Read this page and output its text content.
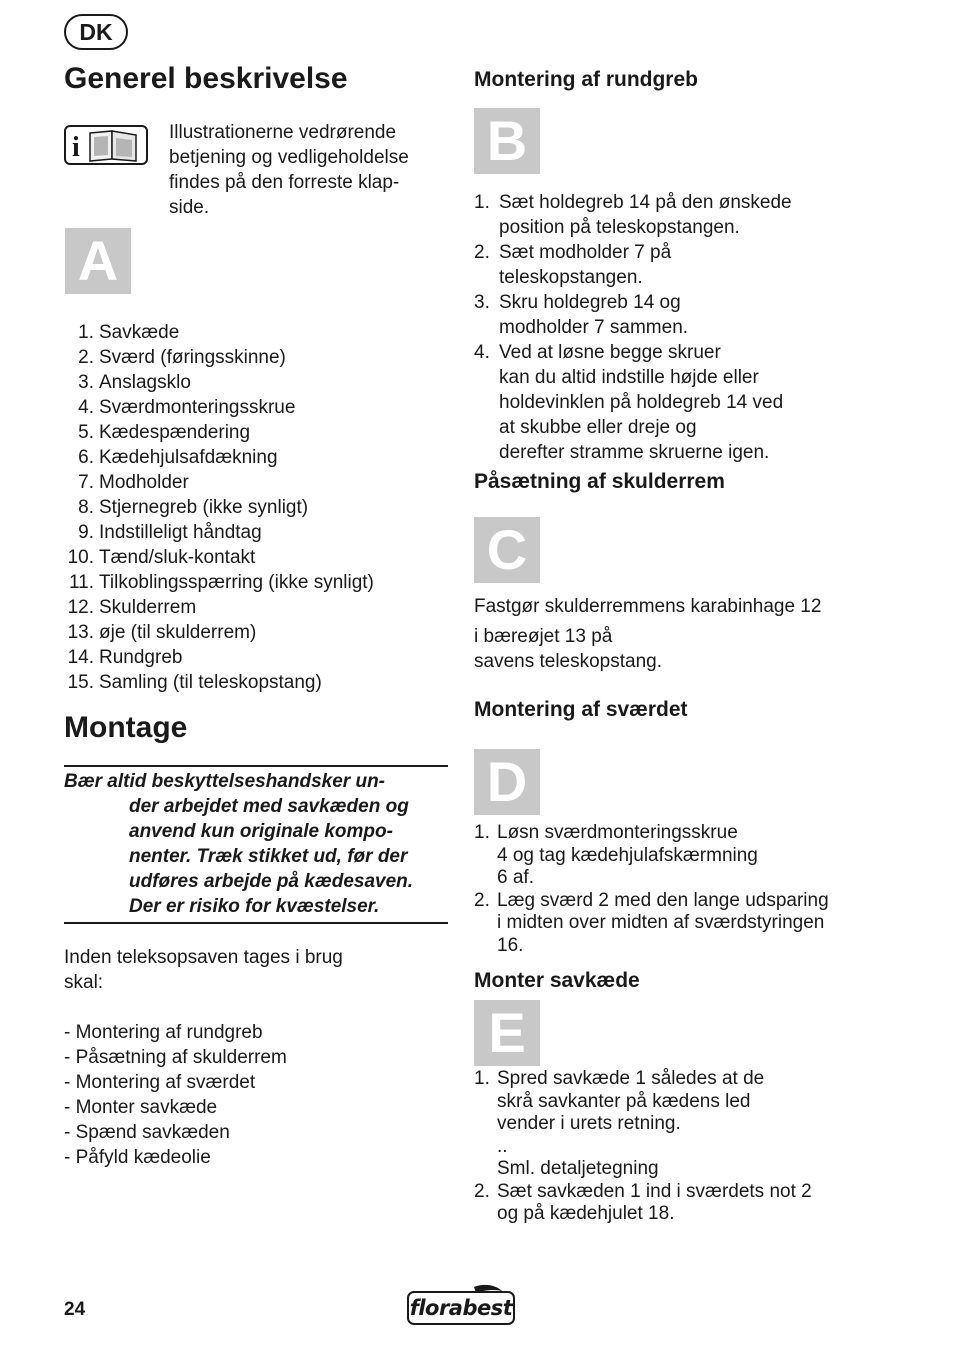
DK
Generel beskrivelse
i	Illustrationerne vedrørende
betjening og vedligeholdelse
findes på den forreste klap-
side.
A
1. Savkæde
2. Sværd (føringsskinne)
3. Anslagsklo
4. Sværdmonteringsskrue
5. Kædespændering
6. Kædehjulsafdækning
7. Modholder
8. Stjernegreb (ikke synligt)
9. Indstilleligt håndtag
10. Tænd/sluk-kontakt
11. Tilkoblingsspærring (ikke synligt)
12. Skulderrem
13. øje (til skulderrem)
14. Rundgreb
15. Samling (til teleskopstang)
Montage
Bær altid beskyttelseshandsker un-
der arbejdet med savkæden og
anvend kun originale kompo-
nenter. Træk stikket ud, før der
udføres arbejde på kædesaven.
Der er risiko for kvæstelser.
Inden teleksopsaven tages i brug
skal:
- Montering af rundgreb
- Påsætning af skulderrem
- Montering af sværdet
- Monter savkæde
- Spænd savkæden
- Påfyld kædeolie
Montering af rundgreb
B
1. Sæt holdegreb 14 på den ønskede
position på teleskopstangen.
2. Sæt modholder 7 på
teleskopstangen.
3. Skru holdegreb 14 og
modholder 7 sammen.
4. Ved at løsne begge skruer
kan du altid indstille højde eller
holdevinklen på holdegreb 14 ved
at skubbe eller dreje og
derefter stramme skruerne igen.
Påsætning af skulderrem
C
Fastgør skulderremmens karabinhage 12
i bæreøjet 13 på
savens teleskopstang.
Montering af sværdet
D
1. Løsn sværdmonteringsskrue
4 og tag kædehjulafskærmning
6 af.
2. Læg sværd 2 med den lange udsparing
i midten over midten af sværdstyringen
16.
Monter savkæde
E
1. Spred savkæde 1 således at de
skrå savkanter på kædens led
vender i urets retning.
..
Sml. detaljetegning
2. Sæt savkæden 1 ind i sværdets not 2
og på kædehjulet 18.
24	florabest
